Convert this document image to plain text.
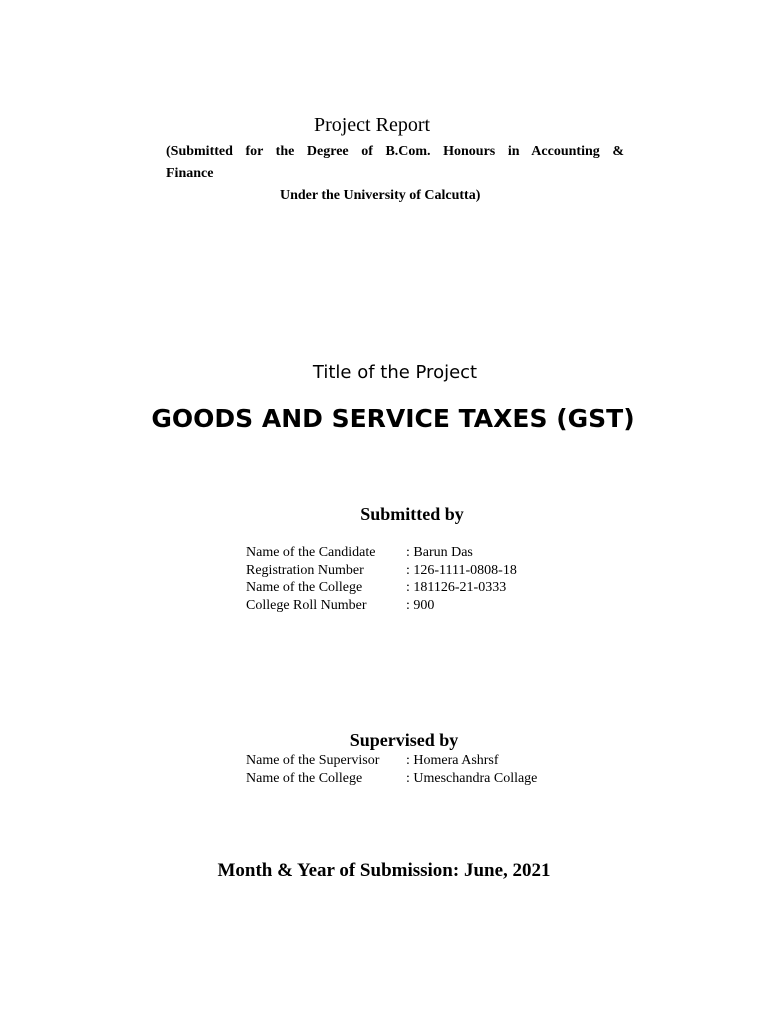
Project Report
(Submitted for the Degree of B.Com. Honours in Accounting &
Finance
Under the University of Calcutta)
Title of the Project
GOODS AND SERVICE TAXES (GST)
Submitted by
Name of the Candidate	: Barun Das
Registration Number	: 126-1111-0808-18
Name of the College	: 181126-21-0333
College Roll Number	: 900
Supervised by
Name of the Supervisor	: Homera Ashrsf
Name of the College	: Umeschandra Collage
Month & Year of Submission: June, 2021
